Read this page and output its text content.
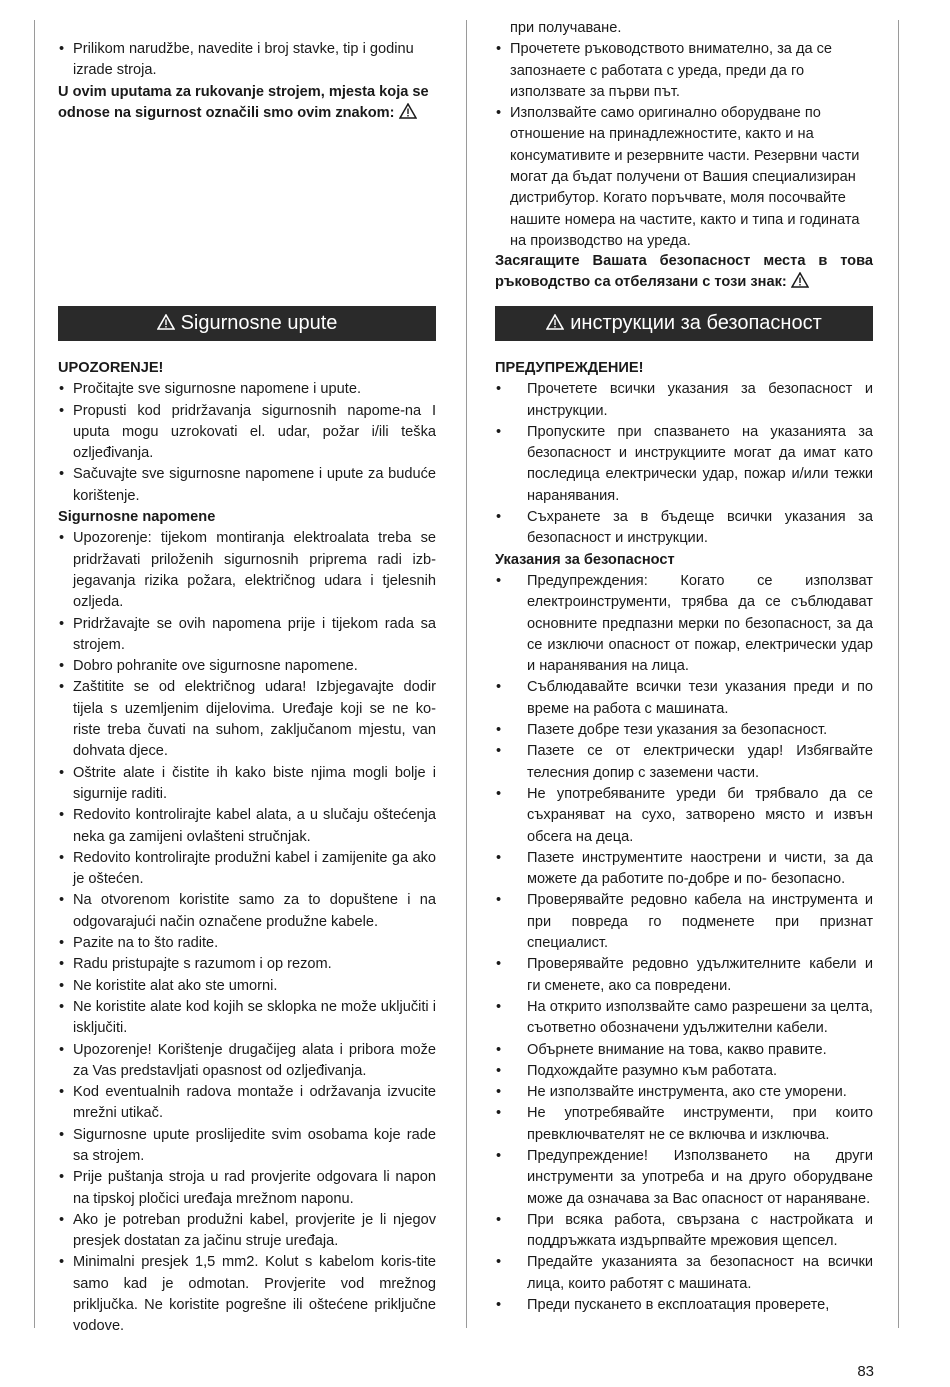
• Prilikom narudžbe, navedite i broj stavke, tip i godinu izrade stroja.

U ovim uputama za rukovanje strojem, mjesta koja se odnose na sigurnost označili smo ovim znakom:

при получаване.
• Прочетете ръководството внимателно, за да се запознаете с работата с уреда, преди да го използвате за първи път.
• Използвайте само оригинално оборудване по отношение на принадлежностите, както и на консумативите и резервните части. Резервни части могат да бъдат получени от Вашия специализиран дистрибутор. Когато поръчвате, моля посочвайте нашите номера на частите, както и типа и годината на производство на уреда.

Засягащите Вашата безопасност места в това ръководство са отбелязани с този знак:

Sigurnosne upute	инструкции за безопасност

UPOZORENJE!

• Pročitajte sve sigurnosne napomene i upute.
• Propusti kod pridržavanja sigurnosnih napome-na I uputa mogu uzrokovati el. udar, požar i/ili teška ozljeđivanja.
• Sačuvajte sve sigurnosne napomene i upute za buduće korištenje.

Sigurnosne napomene

• Upozorenje: tijekom montiranja elektroalata treba se pridržavati priloženih sigurnosnih priprema radi izb-jegavanja rizika požara, električnog udara i tjelesnih ozljeda.
• Pridržavajte se ovih napomena prije i tijekom rada sa strojem.
• Dobro pohranite ove sigurnosne napomene.
• Zaštitite se od električnog udara! Izbjegavajte dodir tijela s uzemljenim dijelovima. Uređaje koji se ne ko-riste treba čuvati na suhom, zaključanom mjestu, van dohvata djece.
• Oštrite alate i čistite ih kako biste njima mogli bolje i sigurnije raditi.
• Redovito kontrolirajte kabel alata, a u slučaju oštećenja neka ga zamijeni ovlašteni stručnjak.
• Redovito kontrolirajte produžni kabel i zamijenite ga ako je oštećen.
• Na otvorenom koristite samo za to dopuštene i na odgovarajući način označene produžne kabele.
• Pazite na to što radite.
• Radu pristupajte s razumom i op rezom.
• Ne koristite alat ako ste umorni.
• Ne koristite alate kod kojih se sklopka ne može uključiti i isključiti.
• Upozorenje! Korištenje drugačijeg alata i pribora može za Vas predstavljati opasnost od ozljeđivanja.
• Kod eventualnih radova montaže i održavanja izvucite mrežni utikač.
• Sigurnosne upute proslijedite svim osobama koje rade sa strojem.
• Prije puštanja stroja u rad provjerite odgovara li napon na tipskoj pločici uređaja mrežnom naponu.
• Ako je potreban produžni kabel, provjerite je li njegov presjek dostatan za jačinu struje uređaja.
• Minimalni presjek 1,5 mm2. Kolut s kabelom koris-tite samo kad je odmotan. Provjerite vod mrežnog priključka. Ne koristite pogrešne ili oštećene priključne vodove.

ПРЕДУПРЕЖДЕНИЕ!

• Прочетете всички указания за безопасност и инструкции.
• Пропуските при спазването на указанията за безопасност и инструкциите могат да имат като последица електрически удар, пожар и/или тежки наранявания.
• Съхранете за в бъдеще всички указания за безопасност и инструкции.

Указания за безопасност

• Предупреждения: Когато се използват електроинструменти, трябва да се съблюдават основните предпазни мерки по безопасност, за да се изключи опасност от пожар, електрически удар и наранявания на лица.
• Съблюдавайте всички тези указания преди и по време на работа с машината.
• Пазете добре тези указания за безопасност.
• Пазете се от електрически удар! Избягвайте телесния допир с заземени части.
• Не употребяваните уреди би трябвало да се съхраняват на сухо, затворено място и извън обсега на деца.
• Пазете инструментите наострени и чисти, за да можете да работите по-добре и по- безопасно.
• Проверявайте редовно кабела на инструмента и при повреда го подменете при признат специалист.
• Проверявайте редовно удължителните кабели и ги сменете, ако са повредени.
• На открито използвайте само разрешени за целта, съответно обозначени удължителни кабели.
• Обърнете внимание на това, какво правите.
• Подхождайте разумно към работата.
• Не използвайте инструмента, ако сте уморени.
• Не употребявайте инструменти, при които превключвателят не се включва и изключва.
• Предупреждение! Използването на други инструменти за употреба и на друго оборудване може да означава за Вас опасност от нараняване.
• При всяка работа, свързана с настройката и поддръжката издърпвайте мрежовия щепсел.
• Предайте указанията за безопасност на всички лица, които работят с машината.
• Преди пускането в експлоатация проверете,
83
